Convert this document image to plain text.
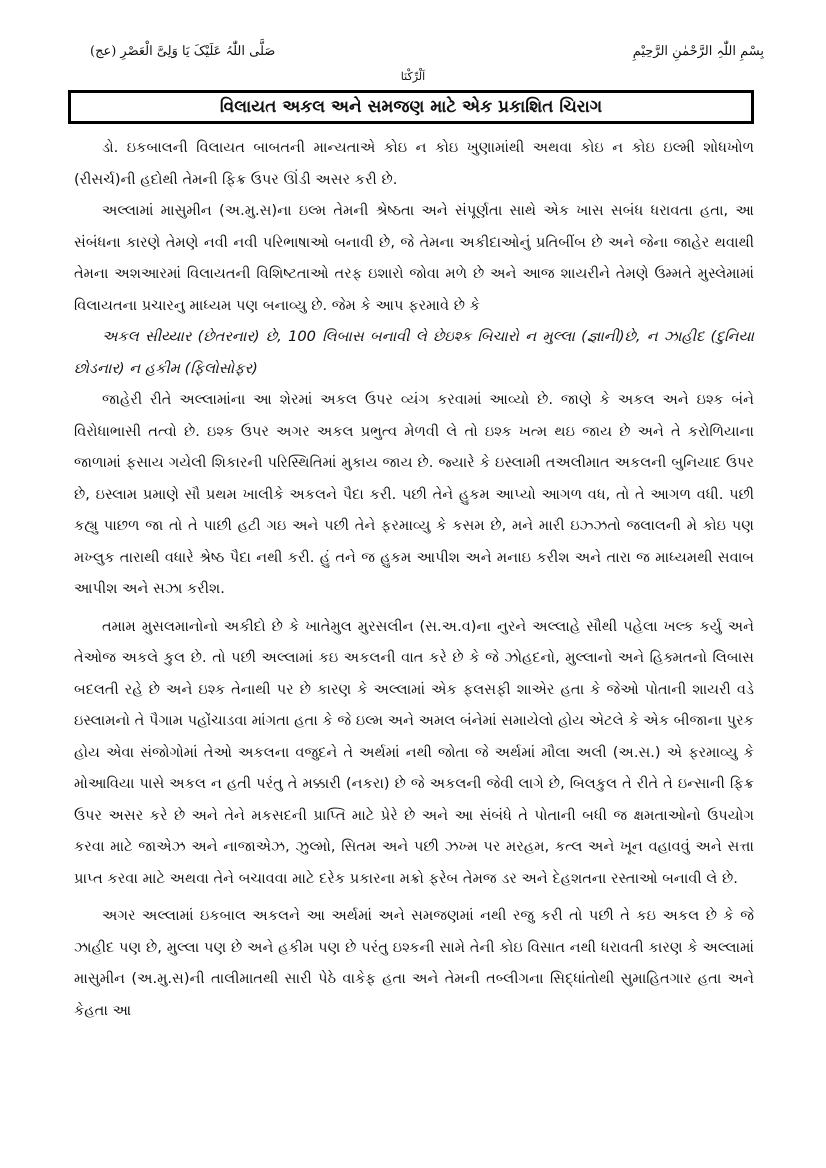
صَلَّی اللّٰہُ عَلَیْکَ یَا وَلِیَّ الْعَصْرِ (عج)	بِسْمِ اللّٰہِ الرَّحْمٰنِ الرَّحِیْمِ
اَلْرِّكْنَا
વિલાયત અકલ અને સમજણ માટે એક પ્રકાશિત ચિરાગ

ડો. ઇકબાલની વિલાયત બાબતની માન્યતાએ કોઇ ન કોઇ ખુણામાંથી અથવા કોઇ ન કોઇ ઇલ્મી શોધખોળ (રીસર્ચ)ની હદોથી તેમની ફિક્ર ઉપર ઊંડી અસર કરી છે.

અલ્લામાં માસુમીન (અ.મુ.સ)ના ઇલ્મ તેમની શ્રેષ્ઠતા અને સંપૂર્ણતા સાથે એક ખાસ સબંધ ધરાવતા હતા, આ સંબંધના કારણે તેમણે નવી નવી પરિભાષાઓ બનાવી છે, જે તેમના અકીદાઓનું પ્રતિબીંબ છે અને જેના જાહેર થવાથી તેમના અશઆરમાં વિલાયતની વિશિષ્ટતાઓ તરફ ઇશારો જોવા મળે છે અને આજ શાયરીને તેમણે ઉમ્મતે મુસ્લેમામાં વિલાયતના પ્રચારનુ માધ્યમ પણ બનાવ્યુ છે. જેમ કે આપ ફરમાવે છે કે

અકલ સીય્યાર (છેતરનાર) છે, 100 લિબાસ બનાવી લે છેઇશ્ક બિચારો ન મુલ્લા (જ્ઞાની)છે, ન ઝાહીદ (દુનિયા છોડનાર) ન હકીમ (ફિલોસોફર)

જાહેરી રીતે અલ્લામાંના આ શેરમાં અકલ ઉપર વ્યંગ કરવામાં આવ્યો છે. જાણે કે અકલ અને ઇશ્ક બંને વિરોધાભાસી તત્વો છે. ઇશ્ક ઉપર અગર અકલ પ્રભુત્વ મેળવી લે તો ઇશ્ક ખત્મ થઇ જાય છે અને તે કરોળિયાના જાળામાં ફસાય ગયેલી શિકારની પરિસ્થિતિમાં મુકાય જાય છે. જ્યારે કે ઇસ્લામી તઅલીમાત અકલની બુનિયાદ ઉપર છે, ઇસ્લામ પ્રમાણે સૌ પ્રથમ ખાલીકે અકલને પૈદા કરી. પછી તેને હુકમ આપ્યો આગળ વધ, તો તે આગળ વધી. પછી કહ્યુ પાછળ જા તો તે પાછી હટી ગઇ અને પછી તેને ફરમાવ્યુ કે કસમ છે, મને મારી ઇઝ્ઝતો જલાલની મે કોઇ પણ મખ્લુક તારાથી વધારે શ્રેષ્ઠ પૈદા નથી કરી. હું તને જ હુકમ આપીશ અને મનાઇ કરીશ અને તારા જ માધ્યમથી સવાબ આપીશ અને સઝા કરીશ.

તમામ મુસલમાનોનો અકીદો છે કે ખાતેમુલ મુરસલીન (સ.અ.વ)ના નુરને અલ્લાહે સૌથી પહેલા ખલ્ક કર્યુ અને તેઓજ અકલે કુલ છે. તો પછી અલ્લામાં કઇ અકલની વાત કરે છે કે જે ઝોહદનો, મુલ્લાનો અને હિક્મતનો લિબાસ બદલતી રહે છે અને ઇશ્ક તેનાથી પર છે કારણ કે અલ્લામાં એક ફલસફી શાએર હતા કે જેઓ પોતાની શાયરી વડે ઇસ્લામનો તે પૈગામ પહોંચાડવા માંગતા હતા કે જે ઇલ્મ અને અમલ બંનેમાં સમાયેલો હોય એટલે કે એક બીજાના પુરક હોય એવા સંજોગોમાં તેઓ અકલના વજુદને તે અર્થમાં નથી જોતા જે અર્થમાં મૌલા અલી (અ.સ.) એ ફરમાવ્યુ કે મોઆવિયા પાસે અકલ ન હતી પરંતુ તે મક્કારી (નકરા) છે જે અકલની જેવી લાગે છે, બિલકુલ તે રીતે તે ઇન્સાની ફિક્ર ઉપર અસર કરે છે અને તેને મકસદની પ્રાપ્તિ માટે પ્રેરે છે અને આ સંબંધે તે પોતાની બધી જ ક્ષમતાઓનો ઉપયોગ કરવા માટે જાએઝ અને નાજાએઝ, ઝુલ્મો, સિતમ અને પછી ઝખ્મ પર મરહમ, કત્લ અને ખૂન વહાવવું અને સત્તા પ્રાપ્ત કરવા માટે અથવા તેને બચાવવા માટે દરેક પ્રકારના મક્રો ફરેબ તેમજ ડર અને દેહશતના રસ્તાઓ બનાવી લે છે.

અગર અલ્લામાં ઇકબાલ અકલને આ અર્થમાં અને સમજણમાં નથી રજુ કરી તો પછી તે કઇ અકલ છે કે જે ઝાહીદ પણ છે, મુલ્લા પણ છે અને હકીમ પણ છે પરંતુ ઇશ્કની સામે તેની કોઇ વિસાત નથી ધરાવતી કારણ કે અલ્લામાં માસુમીન (અ.મુ.સ)ની તાલીમાતથી સારી પેઠે વાકેફ હતા અને તેમની તબ્લીગના સિદ્ધાંતોથી સુમાહિતગાર હતા અને કેહતા આ
